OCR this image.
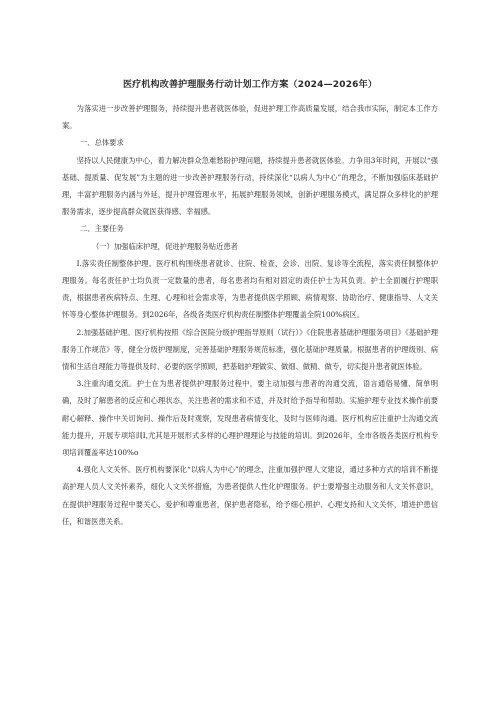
医疗机构改善护理服务行动计划工作方案（2024—2026年）

为落实进一步改善护理服务，持续提升患者就医体验，促进护理工作高质量发展，结合我市实际，制定本工作方案。

一、总体要求

坚持以人民健康为中心，着力解决群众急难愁盼护理问题，持续提升患者就医体验。力争用3年时间，开展以“强基础、提质量、促发展”为主题的进一步改善护理服务行动，持续深化“以病人为中心”的理念，不断加强临床基础护理，丰富护理服务内涵与外延，提升护理管理水平，拓展护理服务领域，创新护理服务模式，满足群众多样化的护理服务需求，逐步提高群众就医获得感、幸福感。

二、主要任务

（一）加强临床护理，促进护理服务贴近患者

I.落实责任制整体护理。医疗机构围绕患者就诊、住院、检查、会诊、出院、复诊等全流程，落实责任制整体护理服务。每名责任护士均负责一定数量的患者，每名患者均有相对固定的责任护士为其负责。护士全面履行护理职责，根据患者疾病特点、生理、心理和社会需求等，为患者提供医学照顾、病情观察、协助治疗、健康指导、人文关怀等身心整体护理服务。到2026年，各级各类医疗机构责任制整体护理覆盖全院100%病区。

2.加强基础护理。医疗机构按照《综合医院分级护理指导原则（试行）》《住院患者基础护理服务项目》《基础护理服务工作规范》等，健全分级护理制度，完善基础护理服务规范标准，强化基础护理质量。根据患者的护理级别、病情和生活自理能力等提供及时、必要的医学照顾，把基础护理做实、做细、做精、做专，切实提升患者就医体验。

3.注重沟通交流。护士在为患者提供护理服务过程中，要主动加强与患者的沟通交流，语言通俗易懂、简单明确，及时了解患者的反应和心理状态，关注患者的需求和不适，并及时给予指导和帮助。实施护理专业技术操作前要耐心解释、操作中关切询问、操作后及时观察，发现患者病情变化，及时与医师沟通。医疗机构应注重护士沟通交流能力提升，开展专项培训I,尤其是开展形式多样的心理护理理论与技能的培训。到2026年，全市各级各类医疗机构专项培训覆盖率达100%o

4.强化人文关怀。医疗机构要深化“以病人为中心”的理念，注重加强护理人文建设，通过多种方式的培训不断提高护理人员人文关怀素养，细化人文关怀措施，为患者提供人性化护理服务。护士要增强主动服务和人文关怀意识，在提供护理服务过程中要关心、爱护和尊重患者，保护患者隐私，给予细心照护、心理支持和人文关怀，增进护患信任，和谐医患关系。
